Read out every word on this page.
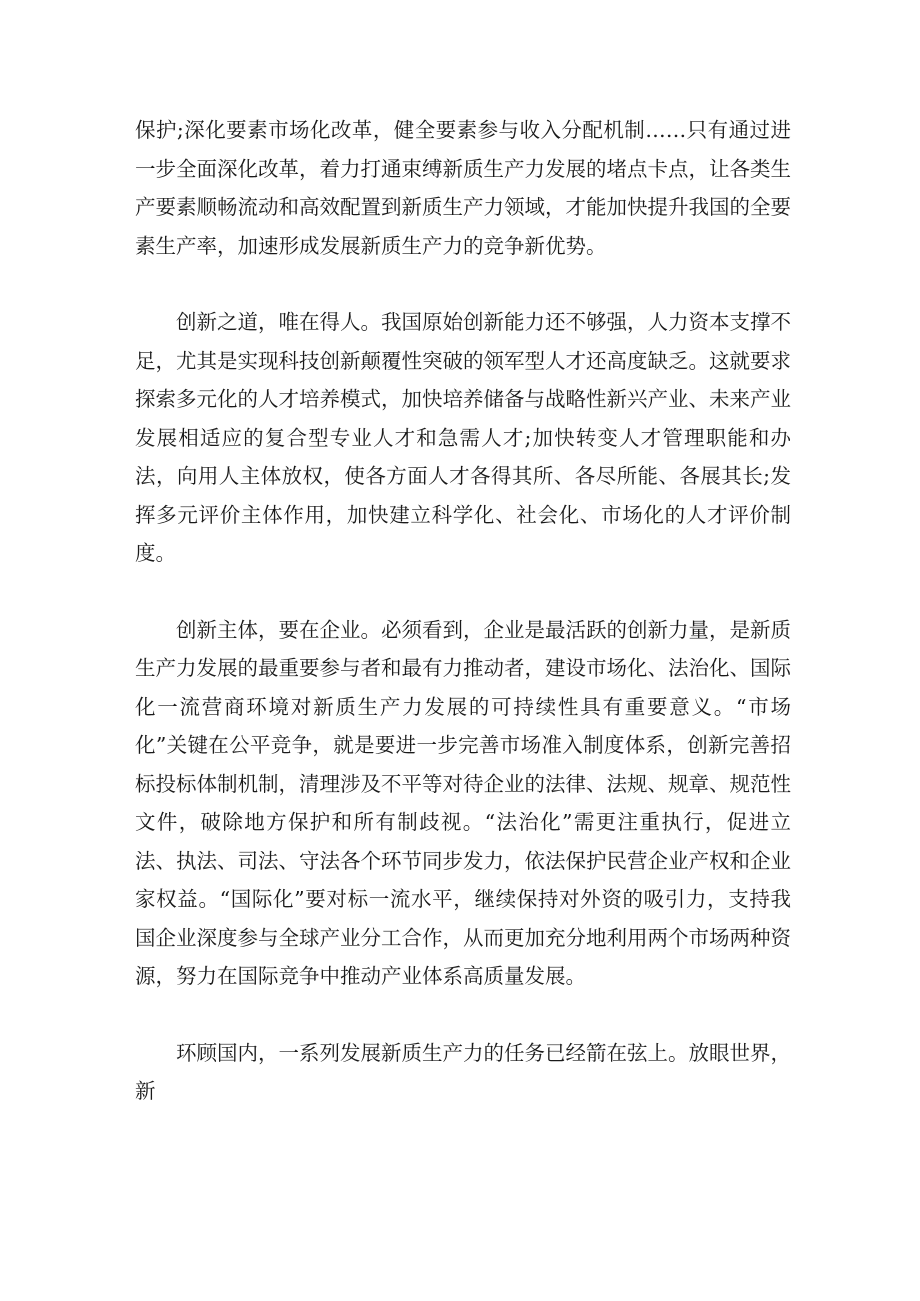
保护;深化要素市场化改革，健全要素参与收入分配机制……只有通过进一步全面深化改革，着力打通束缚新质生产力发展的堵点卡点，让各类生产要素顺畅流动和高效配置到新质生产力领域，才能加快提升我国的全要素生产率，加速形成发展新质生产力的竞争新优势。

创新之道，唯在得人。我国原始创新能力还不够强，人力资本支撑不足，尤其是实现科技创新颠覆性突破的领军型人才还高度缺乏。这就要求探索多元化的人才培养模式，加快培养储备与战略性新兴产业、未来产业发展相适应的复合型专业人才和急需人才;加快转变人才管理职能和办法，向用人主体放权，使各方面人才各得其所、各尽所能、各展其长;发挥多元评价主体作用，加快建立科学化、社会化、市场化的人才评价制度。

创新主体，要在企业。必须看到，企业是最活跃的创新力量，是新质生产力发展的最重要参与者和最有力推动者，建设市场化、法治化、国际化一流营商环境对新质生产力发展的可持续性具有重要意义。“市场化”关键在公平竞争，就是要进一步完善市场准入制度体系，创新完善招标投标体制机制，清理涉及不平等对待企业的法律、法规、规章、规范性文件，破除地方保护和所有制歧视。“法治化”需更注重执行，促进立法、执法、司法、守法各个环节同步发力，依法保护民营企业产权和企业家权益。“国际化”要对标一流水平，继续保持对外资的吸引力，支持我国企业深度参与全球产业分工合作，从而更加充分地利用两个市场两种资源，努力在国际竞争中推动产业体系高质量发展。

环顾国内，一系列发展新质生产力的任务已经箭在弦上。放眼世界，新
